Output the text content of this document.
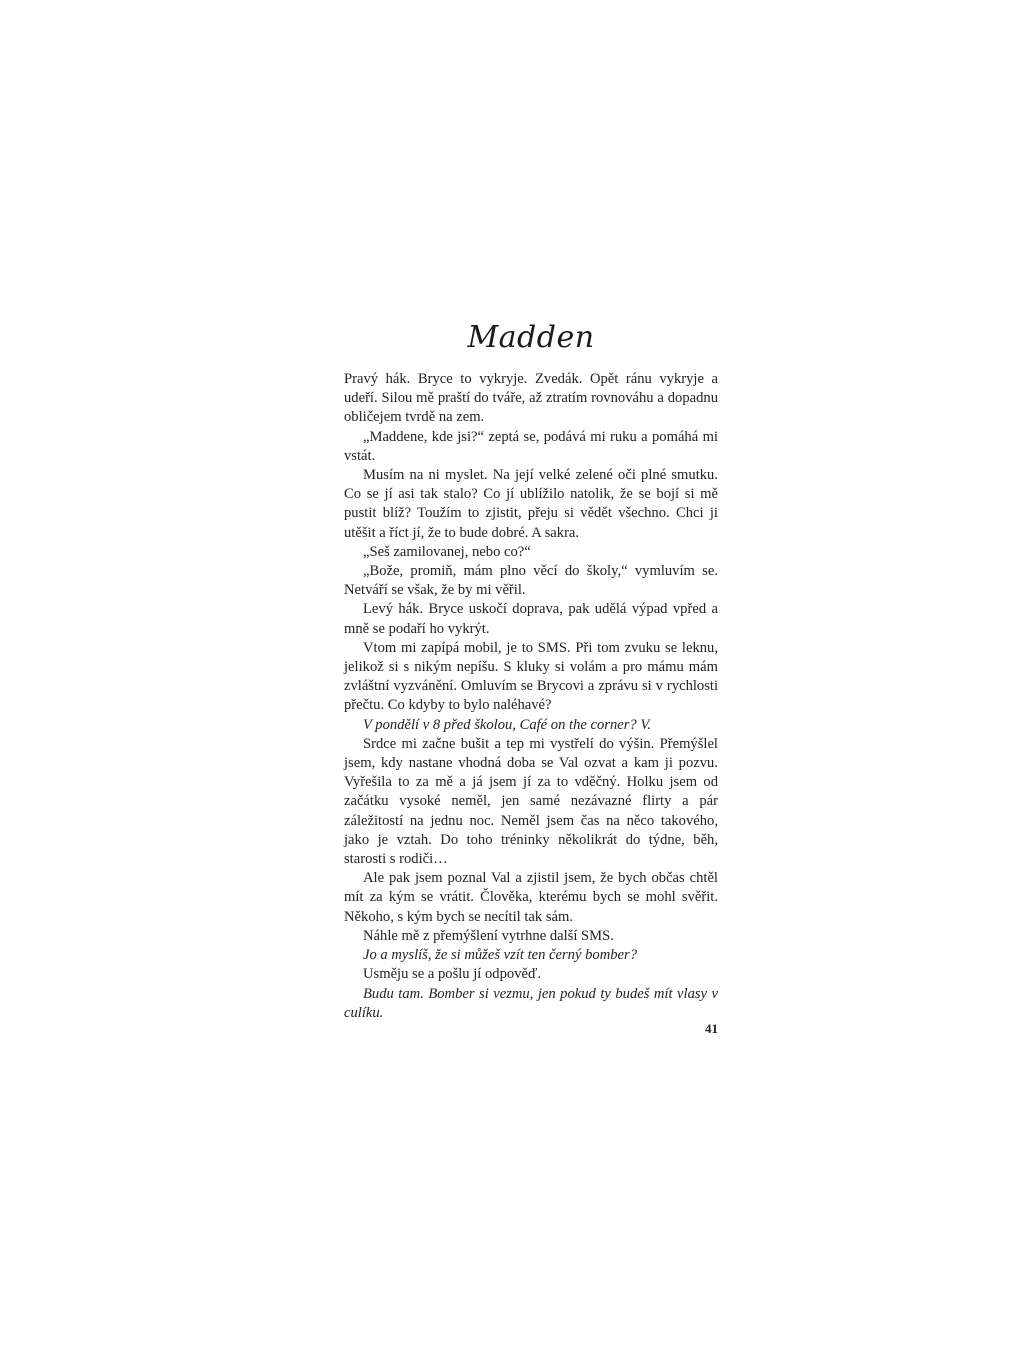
Madden

Pravý hák. Bryce to vykryje. Zvedák. Opět ránu vykryje a udeří. Silou mě praští do tváře, až ztratím rovnováhu a dopadnu obličejem tvrdě na zem.

„Maddene, kde jsi?“ zeptá se, podává mi ruku a pomáhá mi vstát.

Musím na ni myslet. Na její velké zelené oči plné smutku. Co se jí asi tak stalo? Co jí ublížilo natolik, že se bojí si mě pustit blíž? Toužím to zjistit, přeju si vědět všechno. Chci ji utěšit a říct jí, že to bude dobré. A sakra.

„Seš zamilovanej, nebo co?“

„Bože, promiň, mám plno věcí do školy,“ vymluvím se. Netváří se však, že by mi věřil.

Levý hák. Bryce uskočí doprava, pak udělá výpad vpřed a mně se podaří ho vykrýt.

Vtom mi zapípá mobil, je to SMS. Při tom zvuku se leknu, jelikož si s nikým nepíšu. S kluky si volám a pro mámu mám zvláštní vyzvánění. Omluvím se Brycovi a zprávu si v rychlosti přečtu. Co kdyby to bylo naléhavé?

V pondělí v 8 před školou, Café on the corner? V.

Srdce mi začne bušit a tep mi vystřelí do výšin. Přemýšlel jsem, kdy nastane vhodná doba se Val ozvat a kam ji pozvu. Vyřešila to za mě a já jsem jí za to vděčný. Holku jsem od začátku vysoké neměl, jen samé nezávazné flirty a pár záležitostí na jednu noc. Neměl jsem čas na něco takového, jako je vztah. Do toho tréninky několikrát do týdne, běh, starosti s rodiči…

Ale pak jsem poznal Val a zjistil jsem, že bych občas chtěl mít za kým se vrátit. Člověka, kterému bych se mohl svěřit. Někoho, s kým bych se necítil tak sám.

Náhle mě z přemýšlení vytrhne další SMS.

Jo a myslíš, že si můžeš vzít ten černý bomber?

Usměju se a pošlu jí odpověď.

Budu tam. Bomber si vezmu, jen pokud ty budeš mít vlasy v culíku.

41
